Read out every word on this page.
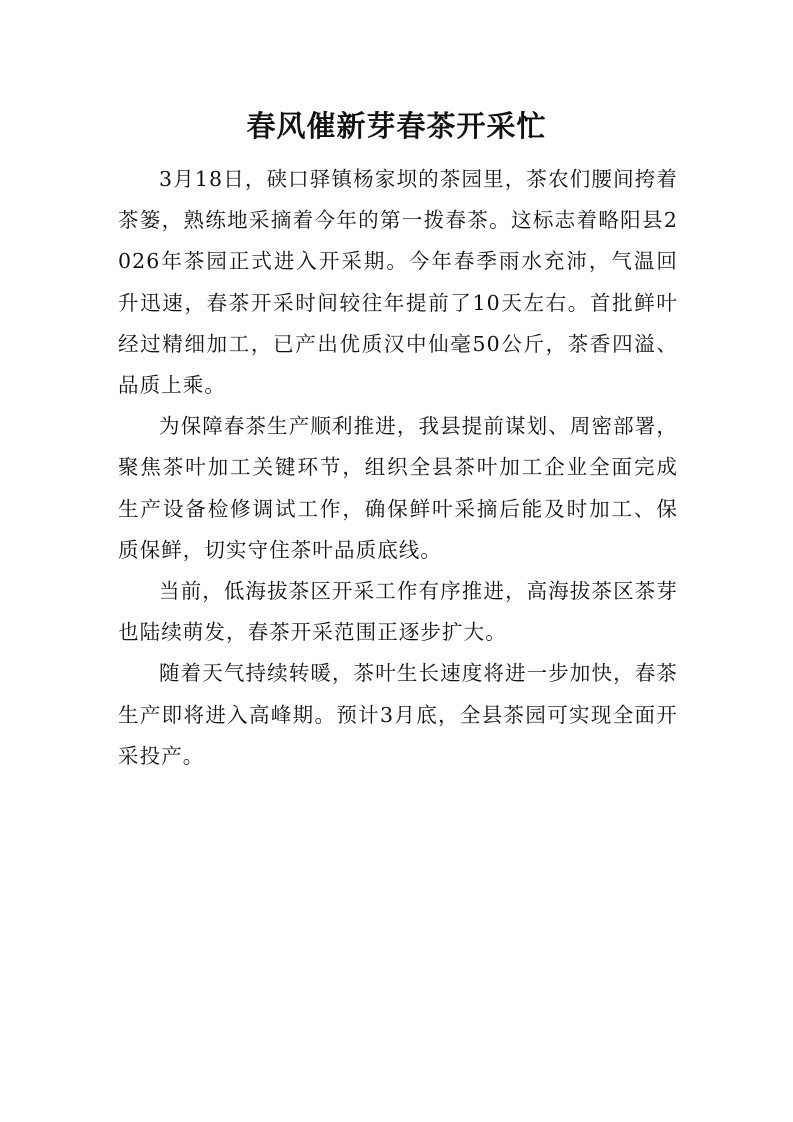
春风催新芽春茶开采忙

3月18日，硖口驿镇杨家坝的茶园里，茶农们腰间挎着茶篓，熟练地采摘着今年的第一拨春茶。这标志着略阳县2026年茶园正式进入开采期。今年春季雨水充沛，气温回升迅速，春茶开采时间较往年提前了10天左右。首批鲜叶经过精细加工，已产出优质汉中仙毫50公斤，茶香四溢、品质上乘。

为保障春茶生产顺利推进，我县提前谋划、周密部署，聚焦茶叶加工关键环节，组织全县茶叶加工企业全面完成生产设备检修调试工作，确保鲜叶采摘后能及时加工、保质保鲜，切实守住茶叶品质底线。

当前，低海拔茶区开采工作有序推进，高海拔茶区茶芽也陆续萌发，春茶开采范围正逐步扩大。

随着天气持续转暖，茶叶生长速度将进一步加快，春茶生产即将进入高峰期。预计3月底，全县茶园可实现全面开采投产。
